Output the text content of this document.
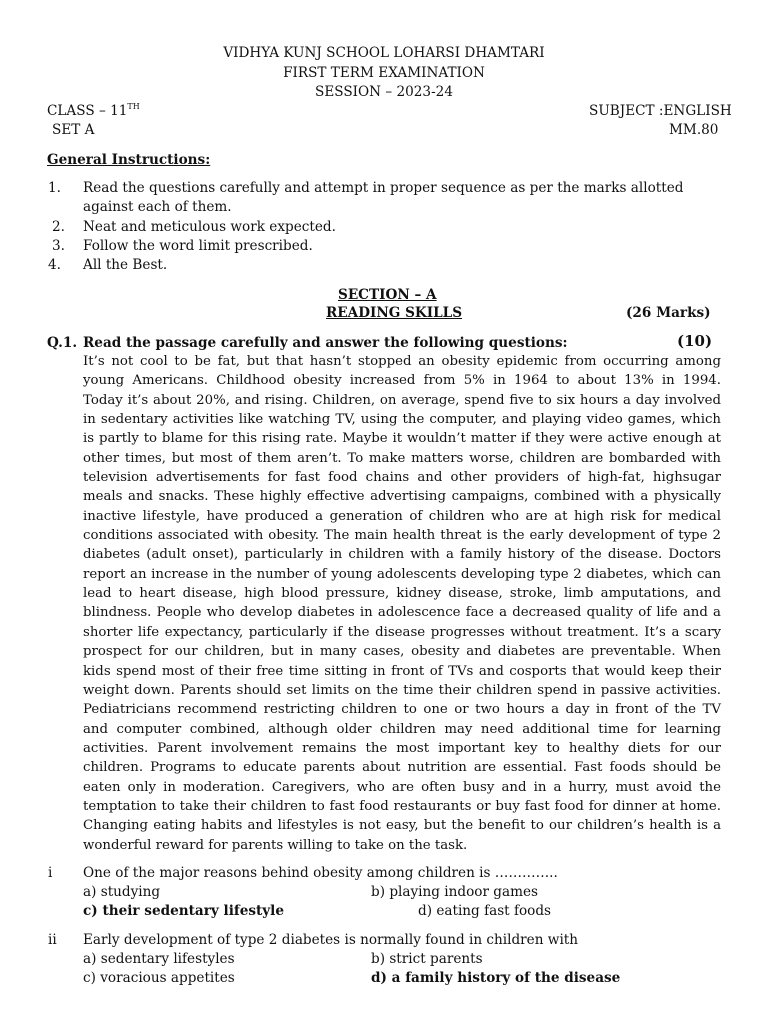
VIDHYA KUNJ SCHOOL LOHARSI DHAMTARI
FIRST TERM EXAMINATION
SESSION – 2023-24
CLASS – 11TH
SET A
SUBJECT :ENGLISH
MM.80
General Instructions:
1. Read the questions carefully and attempt in proper sequence as per the marks allotted
against each of them.
2. Neat and meticulous work expected.
3. Follow the word limit prescribed.
4. All the Best.
SECTION – A
READING SKILLS	(26 Marks)
Q.1. Read the passage carefully and answer the following questions:	(10)
It’s not cool to be fat, but that hasn’t stopped an obesity epidemic from occurring among
young Americans. Childhood obesity increased from 5% in 1964 to about 13% in 1994.
Today it’s about 20%, and rising. Children, on average, spend five to six hours a day involved
in sedentary activities like watching TV, using the computer, and playing video games, which
is partly to blame for this rising rate. Maybe it wouldn’t matter if they were active enough at
other times, but most of them aren’t. To make matters worse, children are bombarded with
television advertisements for fast food chains and other providers of high-fat, highsugar
meals and snacks. These highly effective advertising campaigns, combined with a physically
inactive lifestyle, have produced a generation of children who are at high risk for medical
conditions associated with obesity. The main health threat is the early development of type 2
diabetes (adult onset), particularly in children with a family history of the disease. Doctors
report an increase in the number of young adolescents developing type 2 diabetes, which can
lead to heart disease, high blood pressure, kidney disease, stroke, limb amputations, and
blindness. People who develop diabetes in adolescence face a decreased quality of life and a
shorter life expectancy, particularly if the disease progresses without treatment. It’s a scary
prospect for our children, but in many cases, obesity and diabetes are preventable. When
kids spend most of their free time sitting in front of TVs and cosports that would keep their
weight down. Parents should set limits on the time their children spend in passive activities.
Pediatricians recommend restricting children to one or two hours a day in front of the TV
and computer combined, although older children may need additional time for learning
activities. Parent involvement remains the most important key to healthy diets for our
children. Programs to educate parents about nutrition are essential. Fast foods should be
eaten only in moderation. Caregivers, who are often busy and in a hurry, must avoid the
temptation to take their children to fast food restaurants or buy fast food for dinner at home.
Changing eating habits and lifestyles is not easy, but the benefit to our children’s health is a
wonderful reward for parents willing to take on the task.
i One of the major reasons behind obesity among children is …………..
a) studying	b) playing indoor games
c) their sedentary lifestyle	d) eating fast foods
ii Early development of type 2 diabetes is normally found in children with
a) sedentary lifestyles	b) strict parents
c) voracious appetites	d) a family history of the disease
